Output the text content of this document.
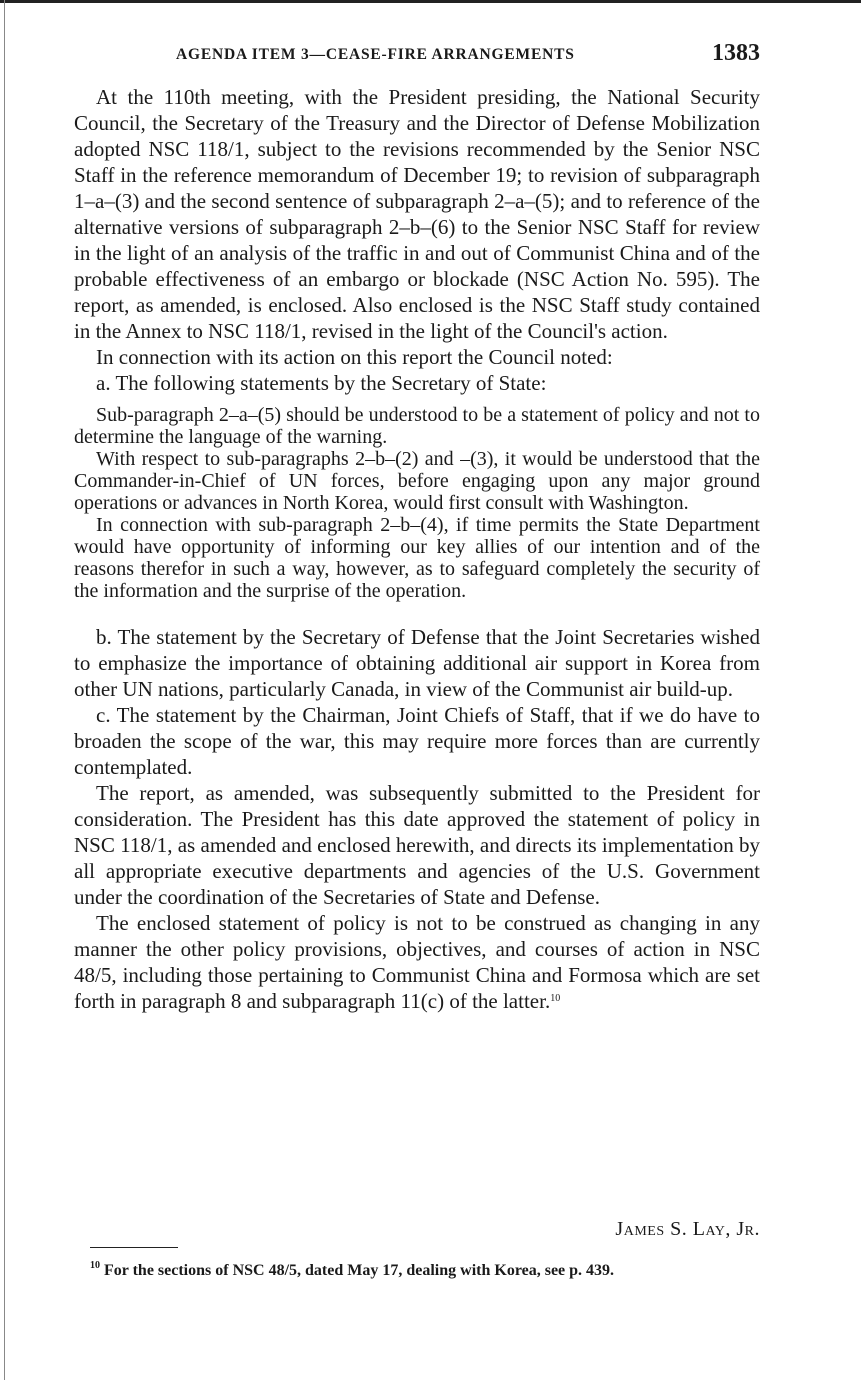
AGENDA ITEM 3—CEASE-FIRE ARRANGEMENTS	1383

At the 110th meeting, with the President presiding, the National Security Council, the Secretary of the Treasury and the Director of Defense Mobilization adopted NSC 118/1, subject to the revisions recommended by the Senior NSC Staff in the reference memorandum of December 19; to revision of subparagraph 1–a–(3) and the second sentence of subparagraph 2–a–(5); and to reference of the alternative versions of subparagraph 2–b–(6) to the Senior NSC Staff for review in the light of an analysis of the traffic in and out of Communist China and of the probable effectiveness of an embargo or blockade (NSC Action No. 595). The report, as amended, is enclosed. Also enclosed is the NSC Staff study contained in the Annex to NSC 118/1, revised in the light of the Council's action.

In connection with its action on this report the Council noted:

a. The following statements by the Secretary of State:

Sub-paragraph 2–a–(5) should be understood to be a statement of policy and not to determine the language of the warning.

With respect to sub-paragraphs 2–b–(2) and –(3), it would be understood that the Commander-in-Chief of UN forces, before engaging upon any major ground operations or advances in North Korea, would first consult with Washington.

In connection with sub-paragraph 2–b–(4), if time permits the State Department would have opportunity of informing our key allies of our intention and of the reasons therefor in such a way, however, as to safeguard completely the security of the information and the surprise of the operation.

b. The statement by the Secretary of Defense that the Joint Secretaries wished to emphasize the importance of obtaining additional air support in Korea from other UN nations, particularly Canada, in view of the Communist air build-up.

c. The statement by the Chairman, Joint Chiefs of Staff, that if we do have to broaden the scope of the war, this may require more forces than are currently contemplated.

The report, as amended, was subsequently submitted to the President for consideration. The President has this date approved the statement of policy in NSC 118/1, as amended and enclosed herewith, and directs its implementation by all appropriate executive departments and agencies of the U.S. Government under the coordination of the Secretaries of State and Defense.

The enclosed statement of policy is not to be construed as changing in any manner the other policy provisions, objectives, and courses of action in NSC 48/5, including those pertaining to Communist China and Formosa which are set forth in paragraph 8 and subparagraph 11(c) of the latter.$^{10}$

James S. Lay, Jr.
$^{10}$ For the sections of NSC 48/5, dated May 17, dealing with Korea, see p. 439.
